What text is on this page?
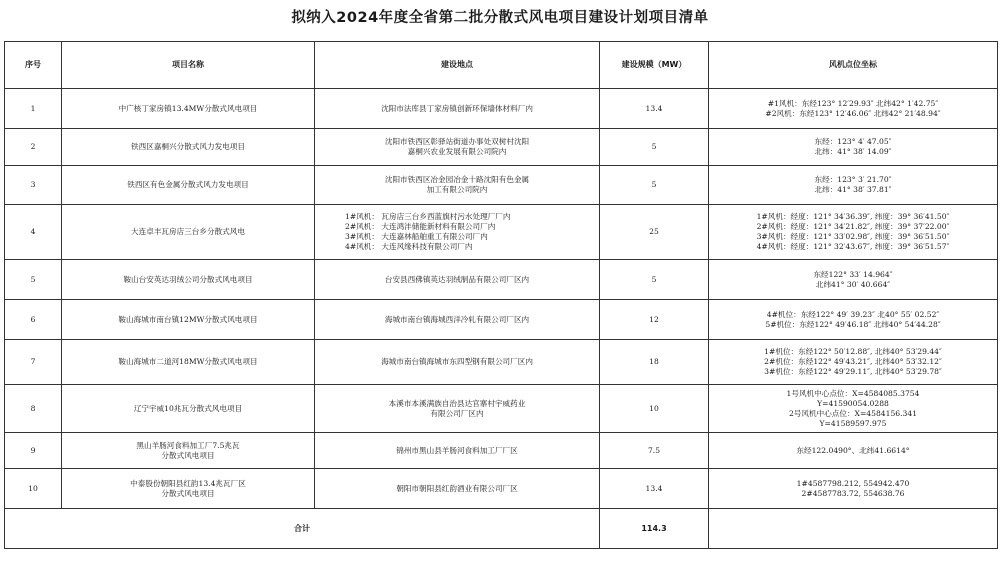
拟纳入2024年度全省第二批分散式风电项目建设计划项目清单
序号	项目名称	建设地点	建设规模（MW）	风机点位坐标
1	中广核丁家房镇13.4MW分散式风电项目	沈阳市法库县丁家房镇创新环保墙体材料厂内	13.4	#1风机：东经123° 12′29.93″ 北纬42° 1′42.75″
#2风机：东经123° 12′46.06″ 北纬42° 21′48.94″

2	铁西区嘉桐兴分散式风力发电项目	沈阳市铁西区彰驿站街道办事处双树村沈阳
嘉桐兴农业发展有限公司院内	5	东经：123° 4′ 47.05″
北纬：41° 38′ 14.09″

3	铁西区有色金属分散式风力发电项目	沈阳市铁西区冶金园冶金十路沈阳有色金属
加工有限公司院内	5	东经：123° 3′ 21.70″
北纬：41° 38′ 37.81″

4	大连卓丰瓦房店三台乡分散式风电	1#风机： 瓦房店三台乡西蓝旗村污水处理厂厂内
2#风机： 大连鸿沣储能新材料有限公司厂内
3#风机： 大连嘉林船舶重工有限公司厂内
4#风机： 大连风缘科技有限公司厂内	25	1#风机：经度：121° 34′36.39″, 纬度：39° 36′41.50″
2#风机：经度：121° 34′21.82″, 纬度：39° 37′22.00″
3#风机：经度：121° 33′02.98″, 纬度：39° 36′51.50″
4#风机：经度：121° 32′43.67″, 纬度：39° 36′51.57″

5	鞍山台安英达羽绒公司分散式风电项目	台安县西佛镇英达羽绒制品有限公司厂区内	5	东经122° 33′ 14.964″
北纬41° 30′ 40.664″

6	鞍山海城市南台镇12MW分散式风电项目	海城市南台镇海城西洋冷轧有限公司厂区内	12	4#机位：东经122° 49′ 39.23″ 北40° 55′ 02.52″
5#机位：东经122° 49′46.18″ 北纬40° 54′44.28″

7	鞍山海城市二道河18MW分散式风电项目	海城市南台镇海城市东四型钢有限公司厂区内	18	1#机位：东经122° 50′12.88″, 北纬40° 53′29.44″
2#机位：东经122° 49′43.21″, 北纬40° 53′32.12″
3#机位：东经122° 49′29.11″, 北纬40° 53′29.78″

8	辽宁宇威10兆瓦分散式风电项目	本溪市本溪满族自治县达官寨村宇威药业
有限公司厂区内	10	1号风机中心点位：X=4584085.3754
Y=41590054.0288
2号风机中心点位：X=4584156.341
Y=41589597.975

9	黑山羊肠河食料加工厂7.5兆瓦
分散式风电项目	锦州市黑山县羊肠河食料加工厂厂区	7.5	东经122.0490°、北纬41.6614°

10	中泰股份朝阳县红韵13.4兆瓦厂区
分散式风电项目	朝阳市朝阳县红韵酒业有限公司厂区	13.4	1#4587798.212, 554942.470
2#4587783.72, 554638.76

合计			114.3	
